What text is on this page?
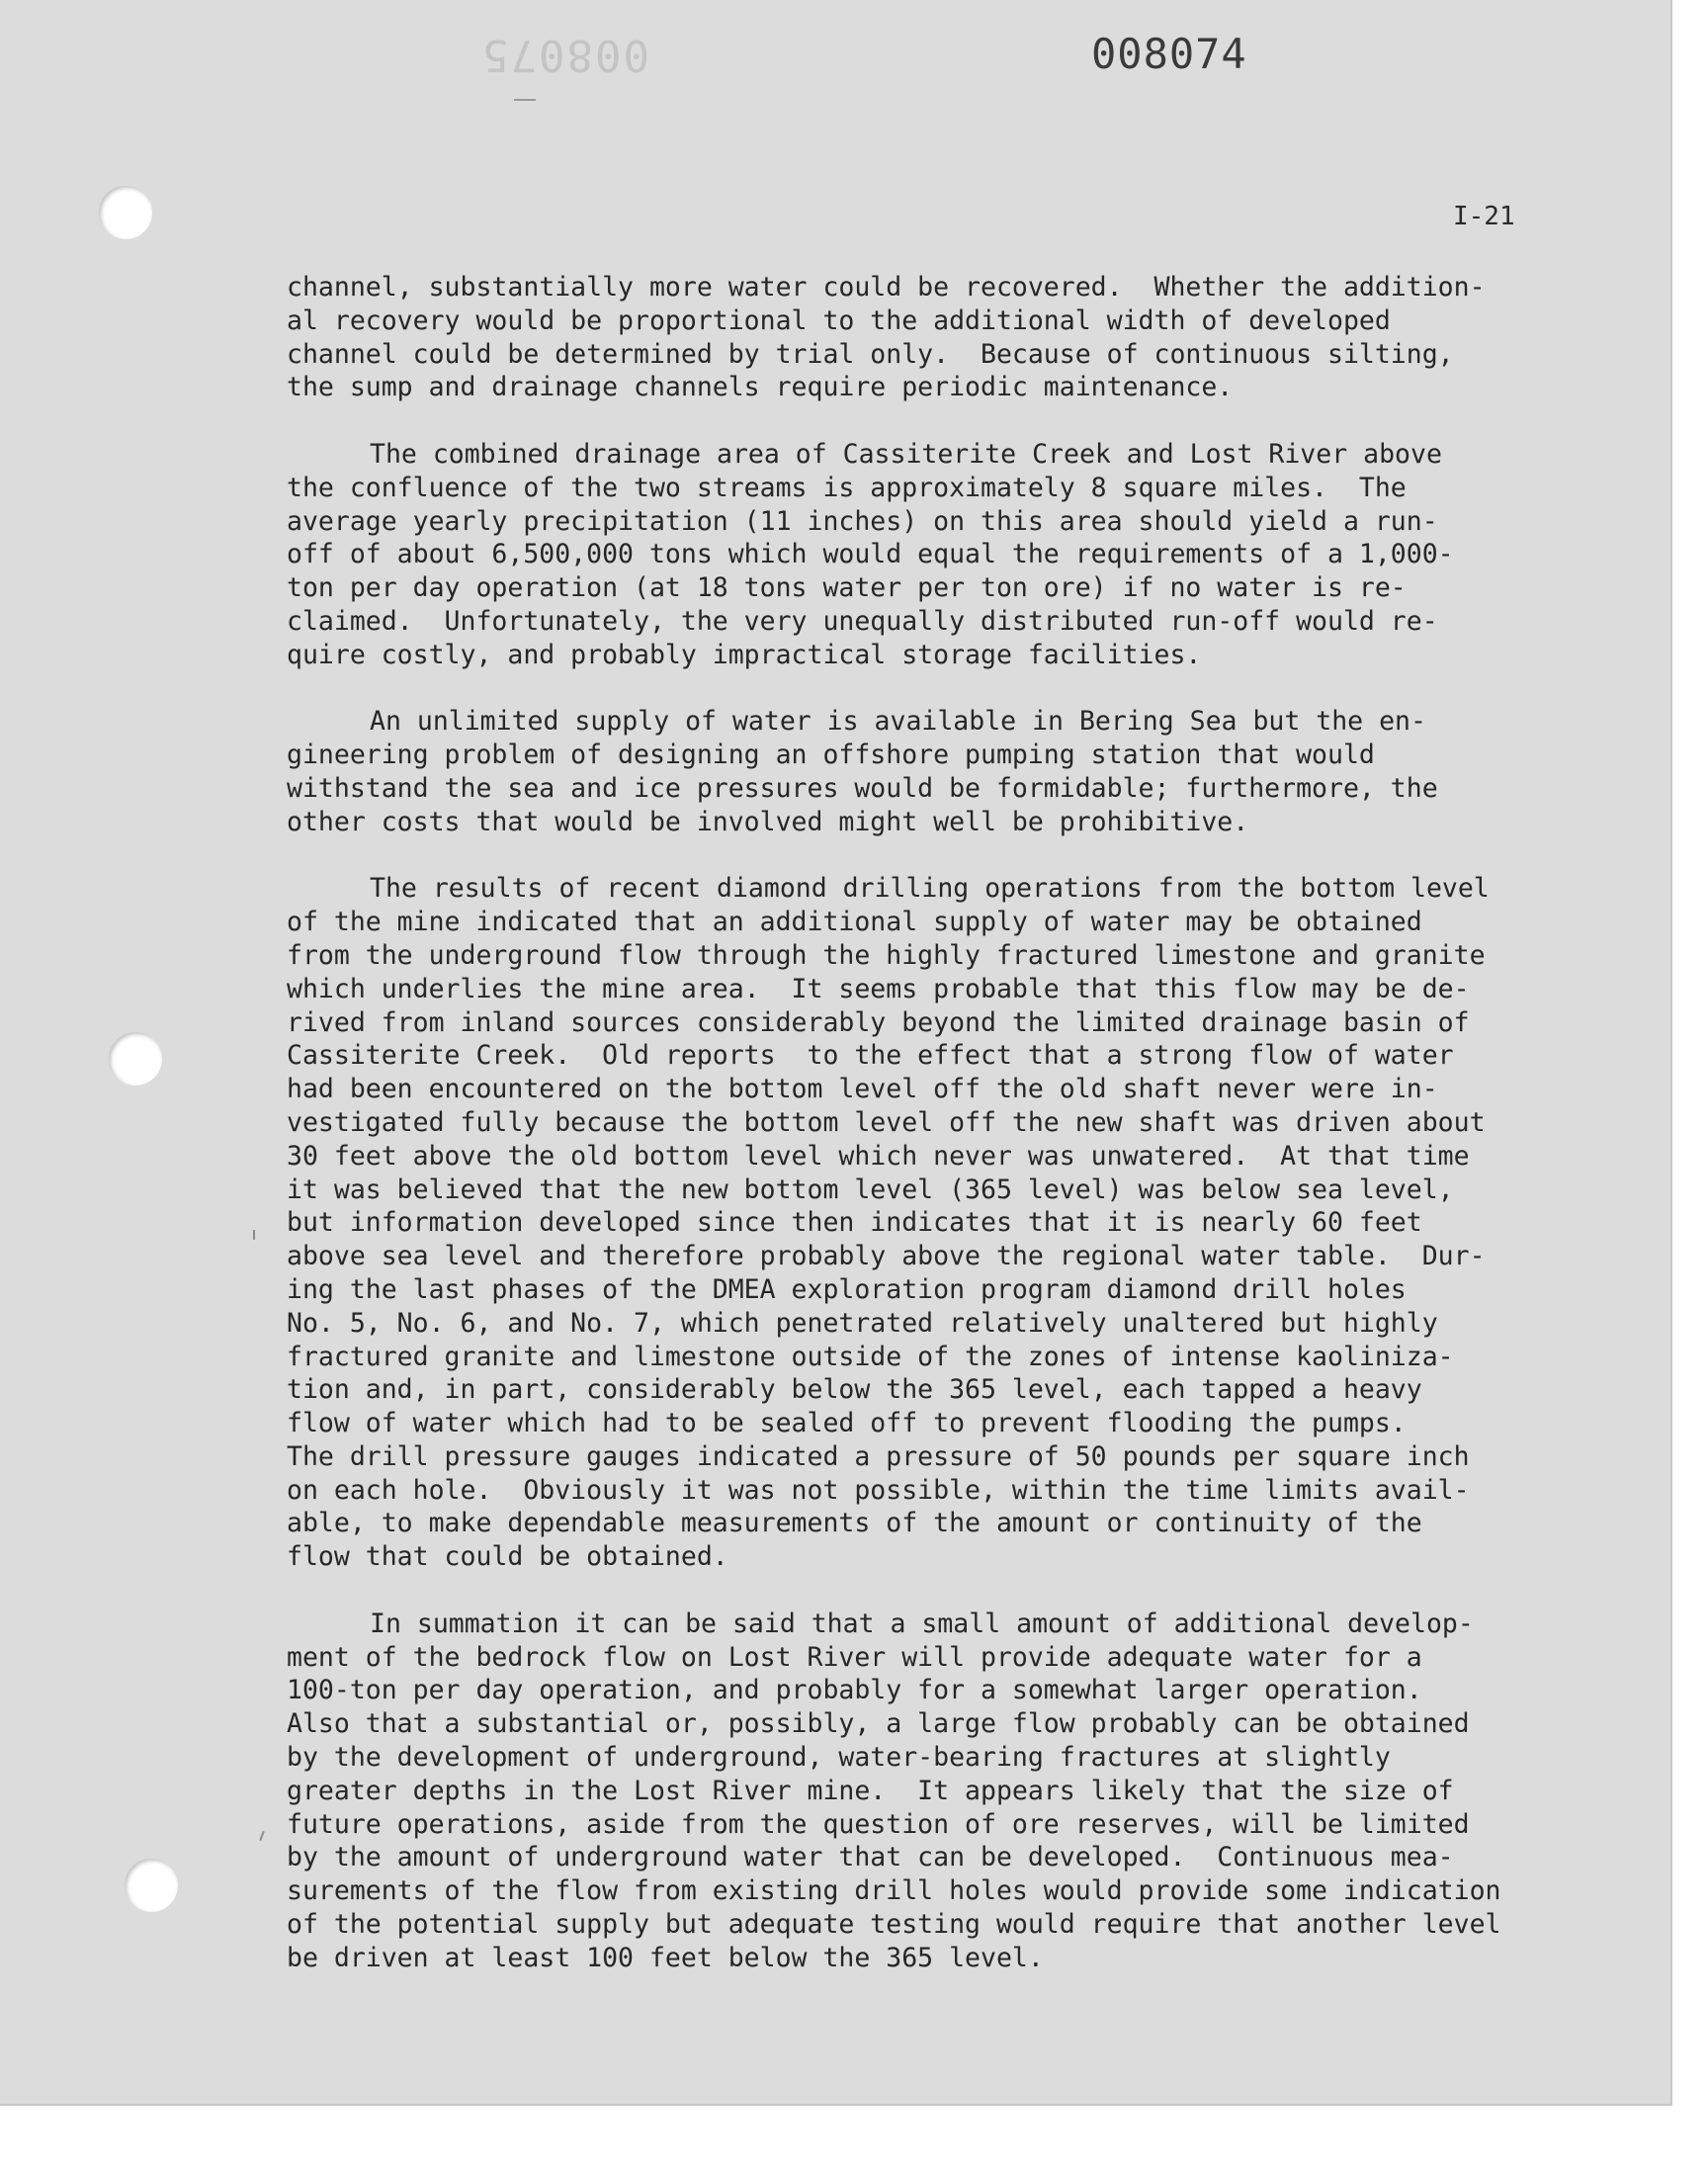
008075	008074
I-21
channel, substantially more water could be recovered.  Whether the addition-
al recovery would be proportional to the additional width of developed
channel could be determined by trial only.  Because of continuous silting,
the sump and drainage channels require periodic maintenance.
The combined drainage area of Cassiterite Creek and Lost River above
the confluence of the two streams is approximately 8 square miles.  The
average yearly precipitation (11 inches) on this area should yield a run-
off of about 6,500,000 tons which would equal the requirements of a 1,000-
ton per day operation (at 18 tons water per ton ore) if no water is re-
claimed.  Unfortunately, the very unequally distributed run-off would re-
quire costly, and probably impractical storage facilities.
An unlimited supply of water is available in Bering Sea but the en-
gineering problem of designing an offshore pumping station that would
withstand the sea and ice pressures would be formidable; furthermore, the
other costs that would be involved might well be prohibitive.
The results of recent diamond drilling operations from the bottom level
of the mine indicated that an additional supply of water may be obtained
from the underground flow through the highly fractured limestone and granite
which underlies the mine area.  It seems probable that this flow may be de-
rived from inland sources considerably beyond the limited drainage basin of
Cassiterite Creek.  Old reports  to the effect that a strong flow of water
had been encountered on the bottom level off the old shaft never were in-
vestigated fully because the bottom level off the new shaft was driven about
30 feet above the old bottom level which never was unwatered.  At that time
it was believed that the new bottom level (365 level) was below sea level,
but information developed since then indicates that it is nearly 60 feet
above sea level and therefore probably above the regional water table.  Dur-
ing the last phases of the DMEA exploration program diamond drill holes
No. 5, No. 6, and No. 7, which penetrated relatively unaltered but highly
fractured granite and limestone outside of the zones of intense kaoliniza-
tion and, in part, considerably below the 365 level, each tapped a heavy
flow of water which had to be sealed off to prevent flooding the pumps.
The drill pressure gauges indicated a pressure of 50 pounds per square inch
on each hole.  Obviously it was not possible, within the time limits avail-
able, to make dependable measurements of the amount or continuity of the
flow that could be obtained.
In summation it can be said that a small amount of additional develop-
ment of the bedrock flow on Lost River will provide adequate water for a
100-ton per day operation, and probably for a somewhat larger operation.
Also that a substantial or, possibly, a large flow probably can be obtained
by the development of underground, water-bearing fractures at slightly
greater depths in the Lost River mine.  It appears likely that the size of
future operations, aside from the question of ore reserves, will be limited
by the amount of underground water that can be developed.  Continuous mea-
surements of the flow from existing drill holes would provide some indication
of the potential supply but adequate testing would require that another level
be driven at least 100 feet below the 365 level.
